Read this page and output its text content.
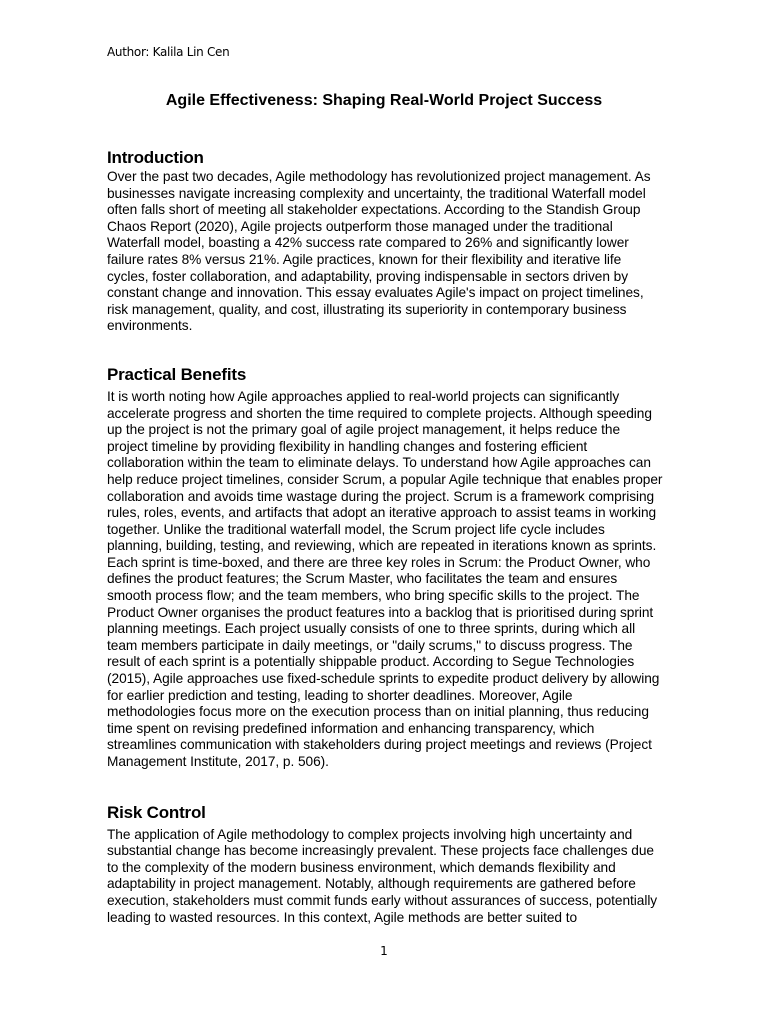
Author: Kalila Lin Cen
Agile Effectiveness: Shaping Real-World Project Success
Introduction

Over the past two decades, Agile methodology has revolutionized project management. As businesses navigate increasing complexity and uncertainty, the traditional Waterfall model often falls short of meeting all stakeholder expectations. According to the Standish Group Chaos Report (2020), Agile projects outperform those managed under the traditional Waterfall model, boasting a 42% success rate compared to 26% and significantly lower failure rates 8% versus 21%. Agile practices, known for their flexibility and iterative life cycles, foster collaboration, and adaptability, proving indispensable in sectors driven by constant change and innovation. This essay evaluates Agile's impact on project timelines, risk management, quality, and cost, illustrating its superiority in contemporary business environments.

Practical Benefits

It is worth noting how Agile approaches applied to real-world projects can significantly accelerate progress and shorten the time required to complete projects. Although speeding up the project is not the primary goal of agile project management, it helps reduce the project timeline by providing flexibility in handling changes and fostering efficient collaboration within the team to eliminate delays. To understand how Agile approaches can help reduce project timelines, consider Scrum, a popular Agile technique that enables proper collaboration and avoids time wastage during the project. Scrum is a framework comprising rules, roles, events, and artifacts that adopt an iterative approach to assist teams in working together. Unlike the traditional waterfall model, the Scrum project life cycle includes planning, building, testing, and reviewing, which are repeated in iterations known as sprints. Each sprint is time-boxed, and there are three key roles in Scrum: the Product Owner, who defines the product features; the Scrum Master, who facilitates the team and ensures smooth process flow; and the team members, who bring specific skills to the project. The Product Owner organises the product features into a backlog that is prioritised during sprint planning meetings. Each project usually consists of one to three sprints, during which all team members participate in daily meetings, or "daily scrums," to discuss progress. The result of each sprint is a potentially shippable product. According to Segue Technologies (2015), Agile approaches use fixed-schedule sprints to expedite product delivery by allowing for earlier prediction and testing, leading to shorter deadlines. Moreover, Agile methodologies focus more on the execution process than on initial planning, thus reducing time spent on revising predefined information and enhancing transparency, which streamlines communication with stakeholders during project meetings and reviews (Project Management Institute, 2017, p. 506).

Risk Control

The application of Agile methodology to complex projects involving high uncertainty and substantial change has become increasingly prevalent. These projects face challenges due to the complexity of the modern business environment, which demands flexibility and adaptability in project management. Notably, although requirements are gathered before execution, stakeholders must commit funds early without assurances of success, potentially leading to wasted resources. In this context, Agile methods are better suited to

1
